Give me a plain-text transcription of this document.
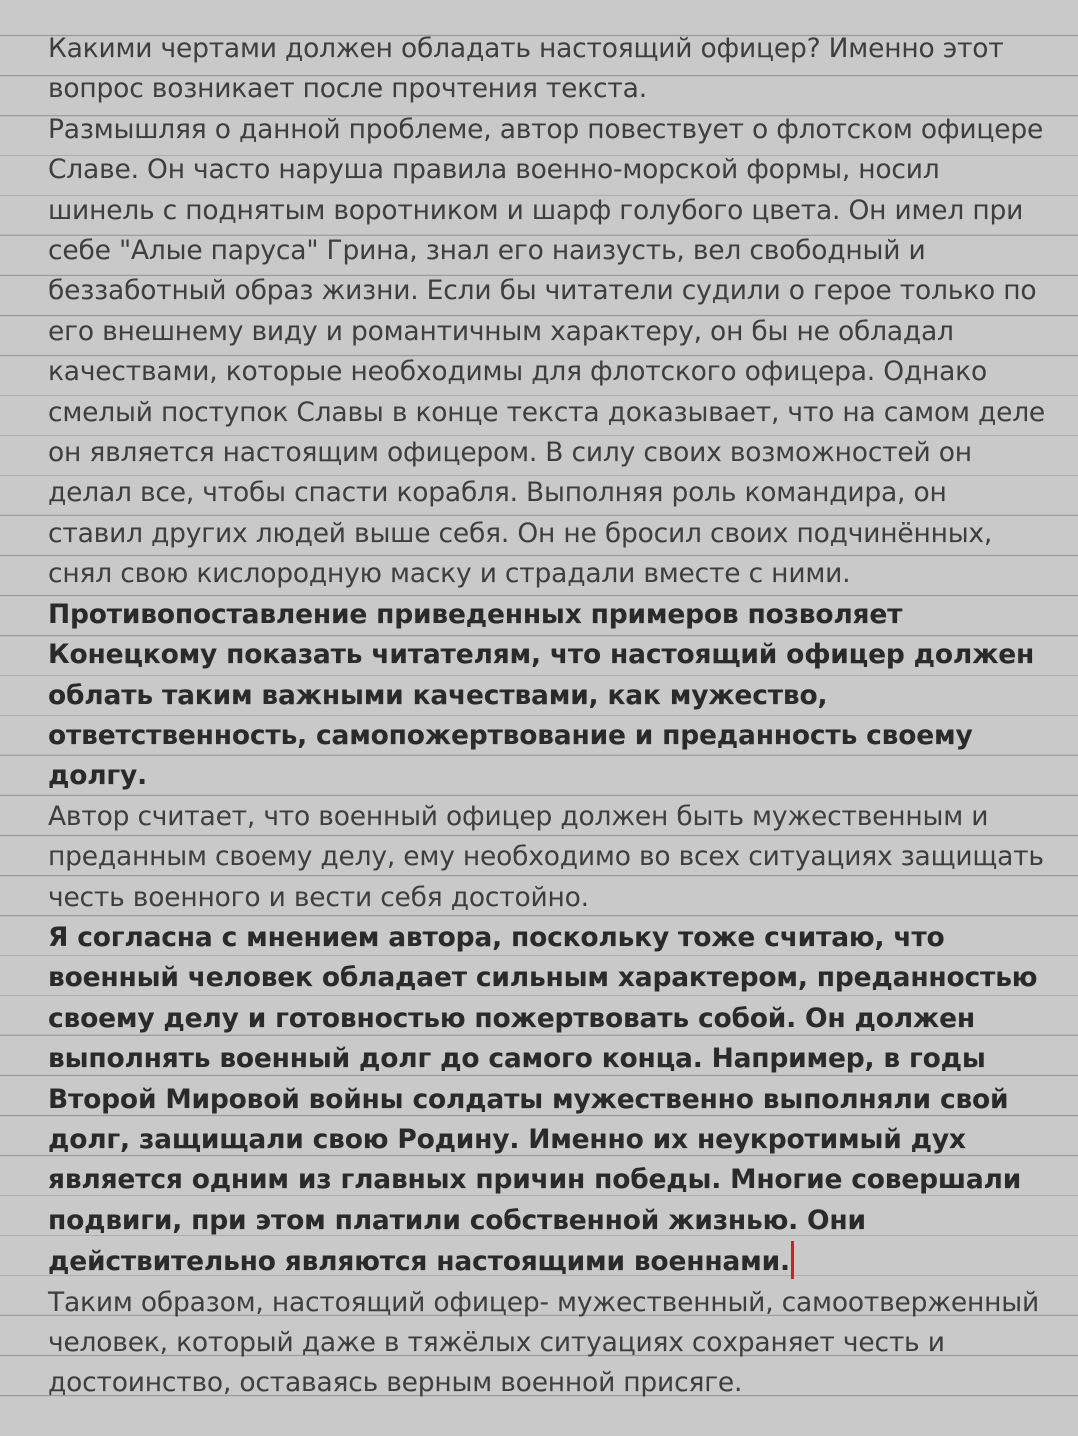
Какими чертами должен обладать настоящий офицер? Именно этот вопрос возникает после прочтения текста.

Размышляя о данной проблеме, автор повествует о флотском офицере Славе. Он часто наруша правила военно-морской формы, носил шинель с поднятым воротником и шарф голубого цвета. Он имел при себе "Алые паруса" Грина, знал его наизусть, вел свободный и беззаботный образ жизни. Если бы читатели судили о герое только по его внешнему виду и романтичным характеру, он бы не обладал качествами, которые необходимы для флотского офицера. Однако смелый поступок Славы в конце текста доказывает, что на самом деле он является настоящим офицером. В силу своих возможностей он делал все, чтобы спасти корабля. Выполняя роль командира, он ставил других людей выше себя. Он не бросил своих подчинённых, снял свою кислородную маску и страдали вместе с ними. Противопоставление приведенных примеров позволяет Конецкому показать читателям, что настоящий офицер должен облать таким важными качествами, как мужество, ответственность, самопожертвование и преданность своему долгу.

Автор считает, что военный офицер должен быть мужественным и преданным своему делу, ему необходимо во всех ситуациях защищать честь военного и вести себя достойно.

Я согласна с мнением автора, поскольку тоже считаю, что военный человек обладает сильным характером, преданностью своему делу и готовностью пожертвовать собой. Он должен выполнять военный долг до самого конца. Например, в годы Второй Мировой войны солдаты мужественно выполняли свой долг, защищали свою Родину. Именно их неукротимый дух является одним из главных причин победы. Многие совершали подвиги, при этом платили собственной жизнью. Они действительно являются настоящими военнами.

Таким образом, настоящий офицер- мужественный, самоотверженный человек, который даже в тяжёлых ситуациях сохраняет честь и достоинство, оставаясь верным военной присяге.
